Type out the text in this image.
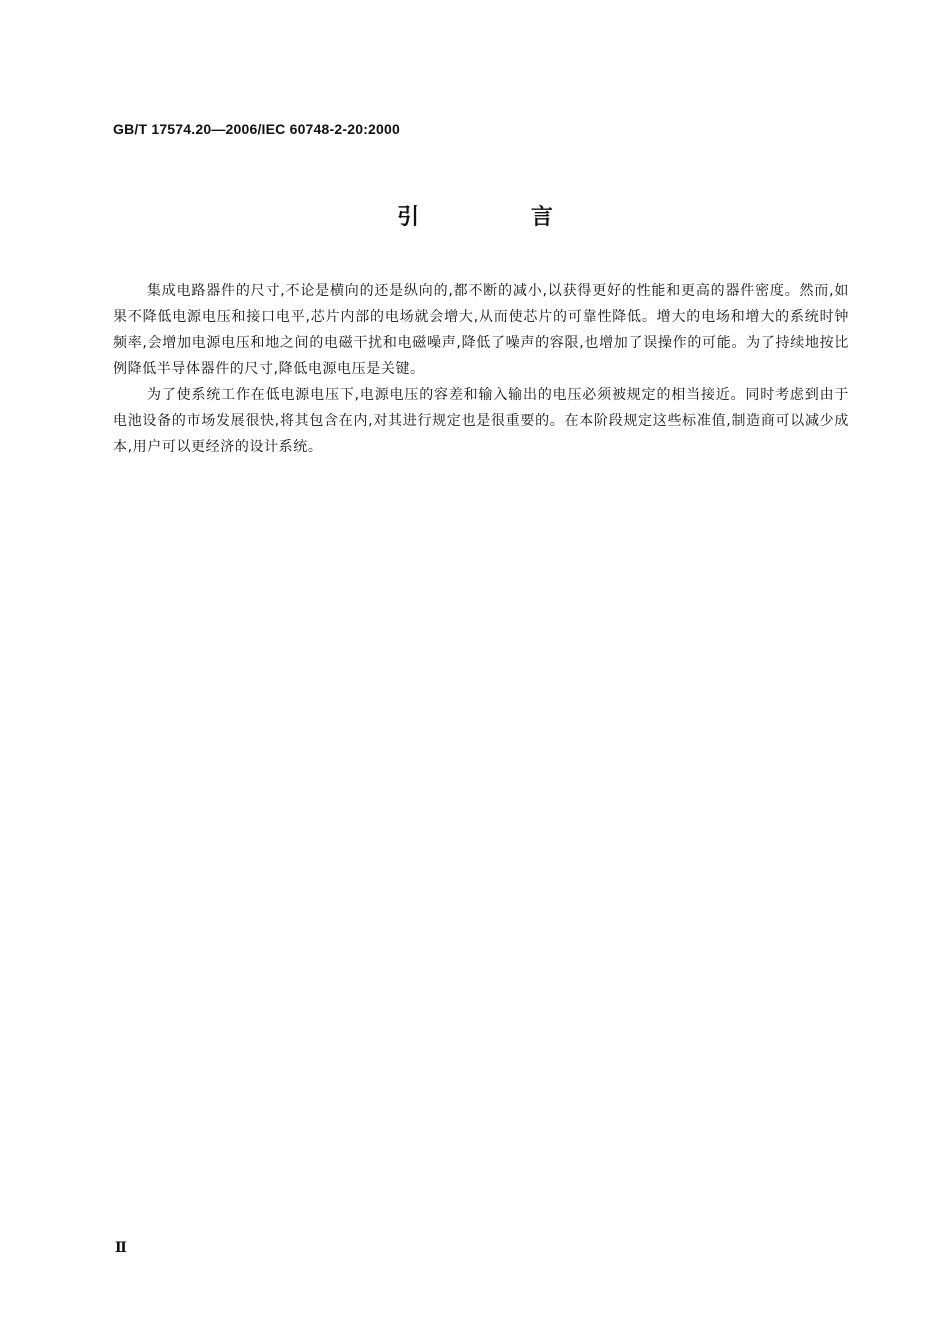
GB/T 17574.20—2006/IEC 60748-2-20:2000
引 言

集成电路器件的尺寸,不论是横向的还是纵向的,都不断的减小,以获得更好的性能和更高的器件密度。然而,如果不降低电源电压和接口电平,芯片内部的电场就会增大,从而使芯片的可靠性降低。增大的电场和增大的系统时钟频率,会增加电源电压和地之间的电磁干扰和电磁噪声,降低了噪声的容限,也增加了误操作的可能。为了持续地按比例降低半导体器件的尺寸,降低电源电压是关键。

为了使系统工作在低电源电压下,电源电压的容差和输入输出的电压必须被规定的相当接近。同时考虑到由于电池设备的市场发展很快,将其包含在内,对其进行规定也是很重要的。在本阶段规定这些标准值,制造商可以减少成本,用户可以更经济的设计系统。

Ⅱ
